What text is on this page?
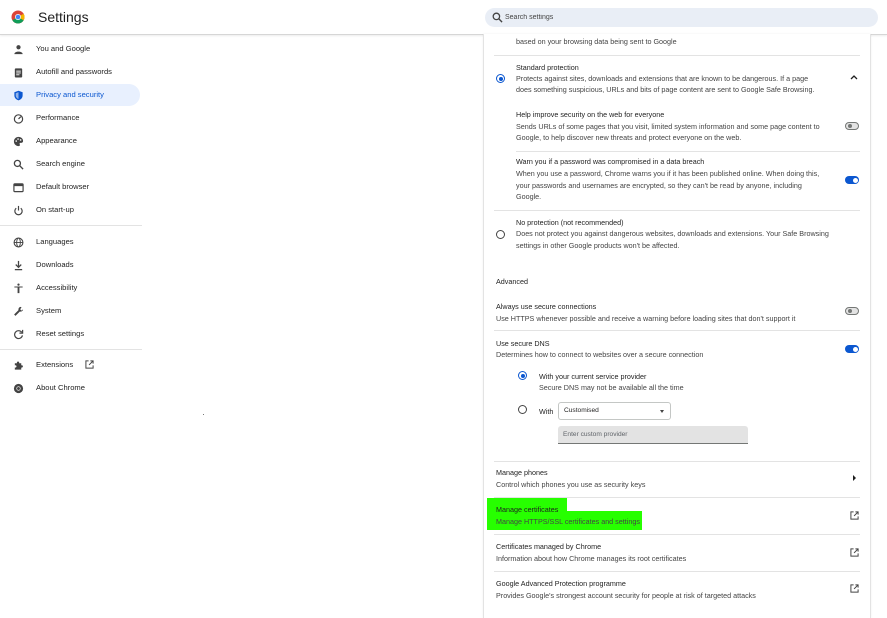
Settings
Search settings
You and Google
Autofill and passwords
Privacy and security
Performance
Appearance
Search engine
Default browser
On start-up
Languages
Downloads
Accessibility
System
Reset settings
Extensions
About Chrome
based on your browsing data being sent to Google
Standard protection
Protects against sites, downloads and extensions that are known to be dangerous. If a page
does something suspicious, URLs and bits of page content are sent to Google Safe Browsing.
Help improve security on the web for everyone
Sends URLs of some pages that you visit, limited system information and some page content to
Google, to help discover new threats and protect everyone on the web.
Warn you if a password was compromised in a data breach
When you use a password, Chrome warns you if it has been published online. When doing this,
your passwords and usernames are encrypted, so they can't be read by anyone, including
Google.
No protection (not recommended)
Does not protect you against dangerous websites, downloads and extensions. Your Safe Browsing
settings in other Google products won't be affected.
Advanced
Always use secure connections
Use HTTPS whenever possible and receive a warning before loading sites that don't support it
Use secure DNS
Determines how to connect to websites over a secure connection
With your current service provider
Secure DNS may not be available all the time
With Customised
Enter custom provider
Manage phones
Control which phones you use as security keys
Manage certificates
Manage HTTPS/SSL certificates and settings
Certificates managed by Chrome
Information about how Chrome manages its root certificates
Google Advanced Protection programme
Provides Google's strongest account security for people at risk of targeted attacks
